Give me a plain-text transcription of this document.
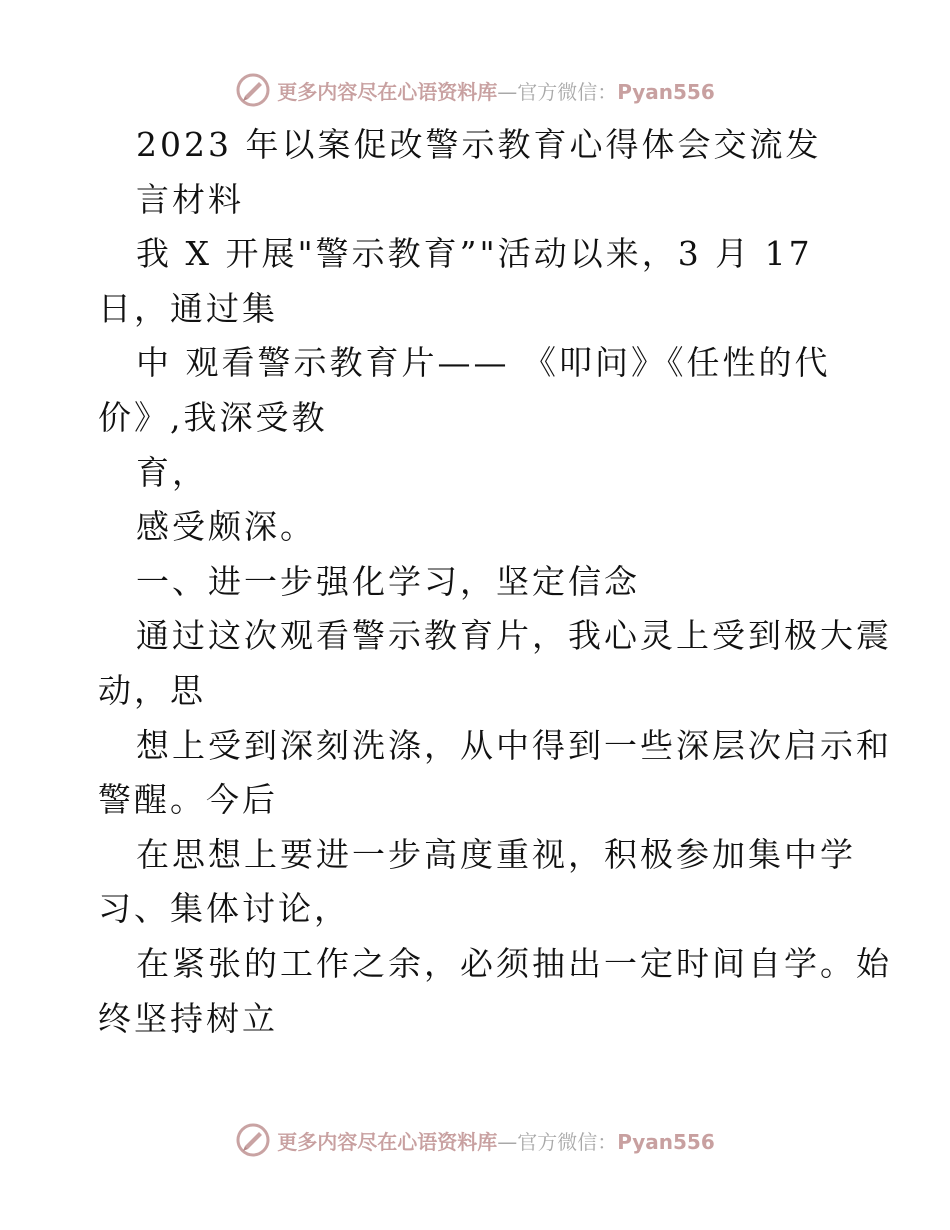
更多内容尽在心语资料库—官方微信：Pyan556
2023 年以案促改警示教育心得体会交流发
言材料
我 X 开展"警示教育”"活动以来，3 月 17
日，通过集
中 观看警示教育片—— 《叩问》《任性的代
价》,我深受教
育，
感受颇深。
一、进一步强化学习，坚定信念
通过这次观看警示教育片，我心灵上受到极大震
动，思
想上受到深刻洗涤，从中得到一些深层次启示和
警醒。今后
在思想上要进一步高度重视，积极参加集中学
习、集体讨论，
在紧张的工作之余，必须抽出一定时间自学。始
终坚持树立
更多内容尽在心语资料库—官方微信：Pyan556
